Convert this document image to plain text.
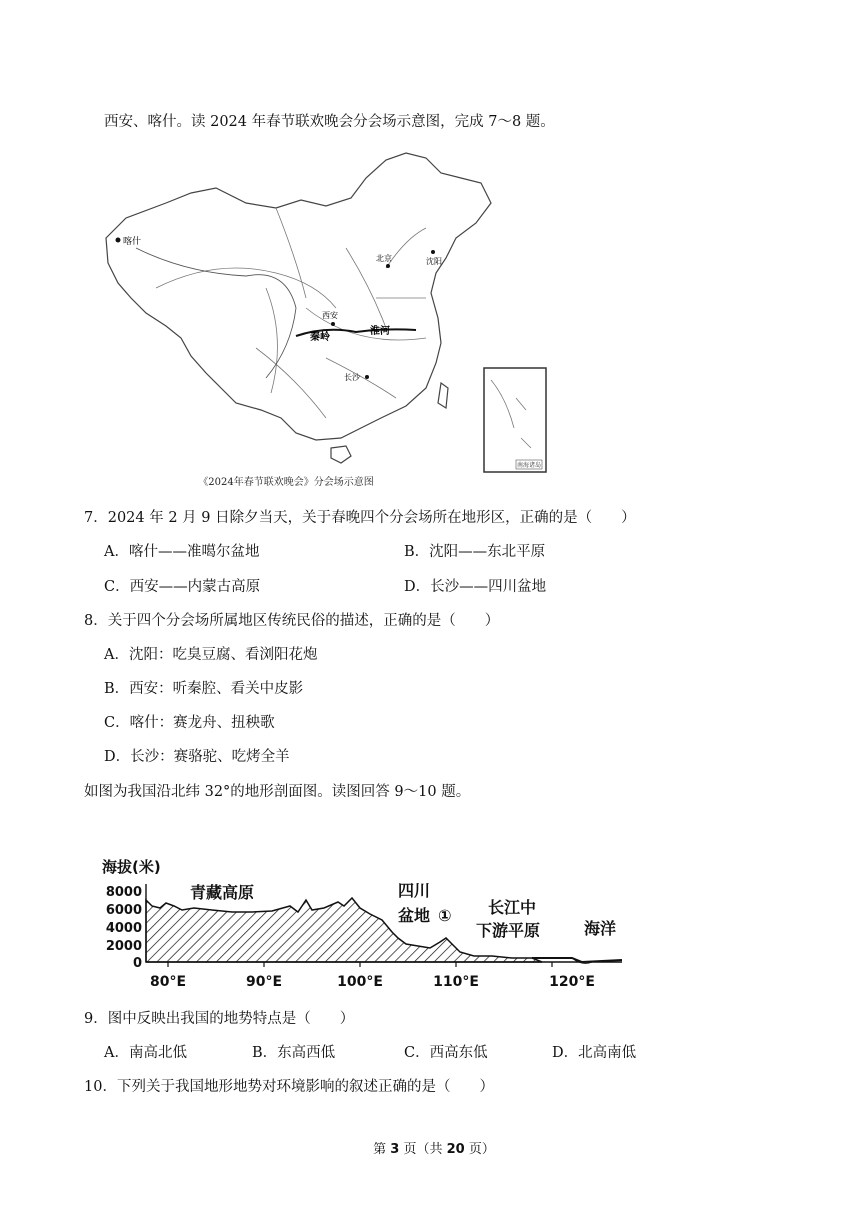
西安、喀什。读 2024 年春节联欢晚会分会场示意图，完成 7～8 题。
南海诸岛
喀什
北京	沈阳
西安
秦岭
淮河
长沙
《2024年春节联欢晚会》分会场示意图
7．2024 年 2 月 9 日除夕当天，关于春晚四个分会场所在地形区，正确的是（　　）
A．喀什——准噶尔盆地	B．沈阳——东北平原
C．西安——内蒙古高原	D．长沙——四川盆地
8．关于四个分会场所属地区传统民俗的描述，正确的是（　　）
A．沈阳：吃臭豆腐、看浏阳花炮
B．西安：听秦腔、看关中皮影
C．喀什：赛龙舟、扭秧歌
D．长沙：赛骆驼、吃烤全羊
如图为我国沿北纬 32°的地形剖面图。读图回答 9～10 题。
海拔(米)
8000
6000
4000
2000
0
80°E	90°E	100°E	110°E	120°E
青藏高原	四川
盆地 ① 长江中
下游平原	海洋
9．图中反映出我国的地势特点是（　　）
A．南高北低	B．东高西低	C．西高东低	D．北高南低
10．下列关于我国地形地势对环境影响的叙述正确的是（　　）
第 3 页（共 20 页）
